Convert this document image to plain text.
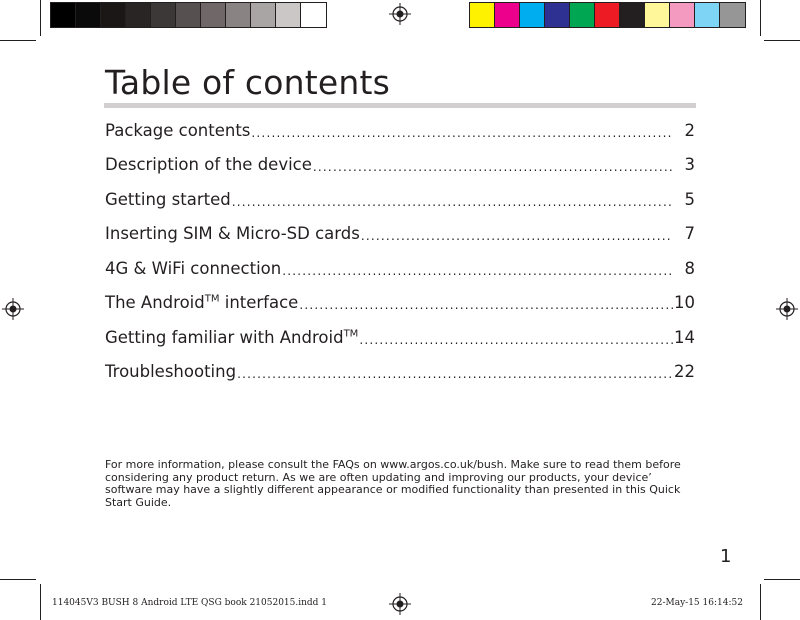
Table of contents
Package contents .....	2
Description of the device .....	3
Getting started .....	5
Inserting SIM & Micro-SD cards .....	7
4G & WiFi connection .....	8
The Android™ interface .....	10
Getting familiar with Android™ .....	14
Troubleshooting .....	22
For more information, please consult the FAQs on www.argos.co.uk/bush. Make sure to read them before considering any product return. As we are often updating and improving our products, your device’ software may have a slightly different appearance or modified functionality than presented in this Quick Start Guide.
1
114045V3 BUSH 8 Android LTE QSG book 21052015.indd 1	22-May-15 16:14:52
